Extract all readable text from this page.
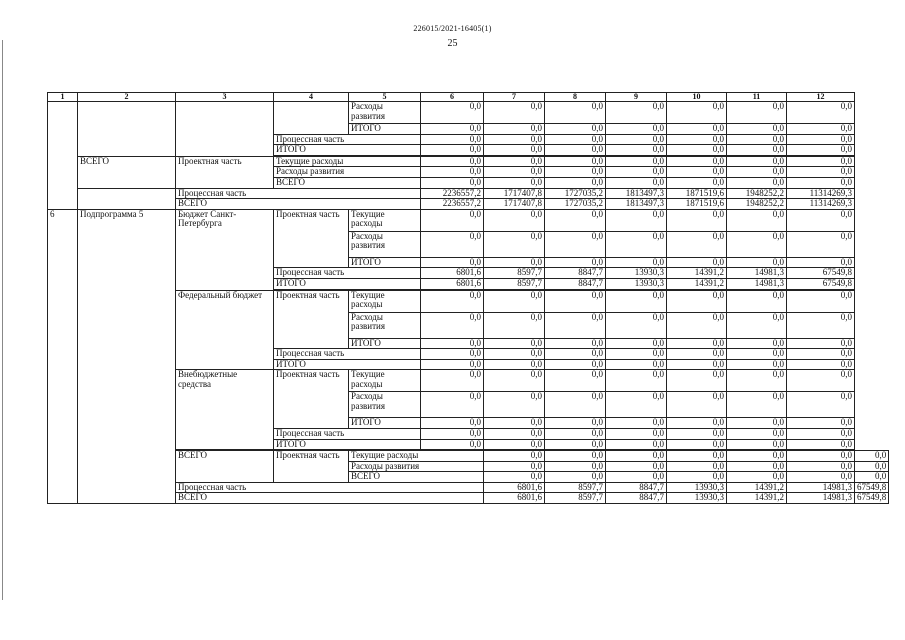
226015/2021-16405(1)
25
1	2	3	4	5	6	7	8	9	10	11	12	
				Расходы развития	0,0	0,0	0,0	0,0	0,0	0,0	0,0	
				ИТОГО	0,0	0,0	0,0	0,0	0,0	0,0	0,0	
			Процессная часть		0,0	0,0	0,0	0,0	0,0	0,0	0,0	
			ИТОГО		0,0	0,0	0,0	0,0	0,0	0,0	0,0	

	ВСЕГО	Проектная часть	Текущие расходы		0,0	0,0	0,0	0,0	0,0	0,0	0,0	
			Расходы развития		0,0	0,0	0,0	0,0	0,0	0,0	0,0	
			ВСЕГО		0,0	0,0	0,0	0,0	0,0	0,0	0,0	
		Процессная часть			2236557,2	1717407,8	1727035,2	1813497,3	1871519,6	1948252,2	11314269,3	
		ВСЕГО			2236557,2	1717407,8	1727035,2	1813497,3	1871519,6	1948252,2	11314269,3	
6	Подпрограмма 5	Бюджет Санкт-Петербурга	Проектная часть	Текущие расходы	0,0	0,0	0,0	0,0	0,0	0,0	0,0	
				Расходы развития	0,0	0,0	0,0	0,0	0,0	0,0	0,0	
				ИТОГО	0,0	0,0	0,0	0,0	0,0	0,0	0,0	
			Процессная часть		6801,6	8597,7	8847,7	13930,3	14391,2	14981,3	67549,8	
			ИТОГО		6801,6	8597,7	8847,7	13930,3	14391,2	14981,3	67549,8	

		Федеральный бюджет	Проектная часть	Текущие расходы	0,0	0,0	0,0	0,0	0,0	0,0	0,0	
				Расходы развития	0,0	0,0	0,0	0,0	0,0	0,0	0,0	
				ИТОГО	0,0	0,0	0,0	0,0	0,0	0,0	0,0	
			Процессная часть		0,0	0,0	0,0	0,0	0,0	0,0	0,0	
			ИТОГО		0,0	0,0	0,0	0,0	0,0	0,0	0,0	
		Внебюджетные средства	Проектная часть	Текущие расходы	0,0	0,0	0,0	0,0	0,0	0,0	0,0	
				Расходы развития	0,0	0,0	0,0	0,0	0,0	0,0	0,0	
				ИТОГО	0,0	0,0	0,0	0,0	0,0	0,0	0,0	
			Процессная часть		0,0	0,0	0,0	0,0	0,0	0,0	0,0	
			ИТОГО		0,0	0,0	0,0	0,0	0,0	0,0	0,0	

		ВСЕГО	Проектная часть	Текущие расходы		0,0	0,0	0,0	0,0	0,0	0,0	0,0
				Расходы развития		0,0	0,0	0,0	0,0	0,0	0,0	0,0
				ВСЕГО		0,0	0,0	0,0	0,0	0,0	0,0	0,0
		Процессная часть				6801,6	8597,7	8847,7	13930,3	14391,2	14981,3	67549,8
		ВСЕГО				6801,6	8597,7	8847,7	13930,3	14391,2	14981,3	67549,8
